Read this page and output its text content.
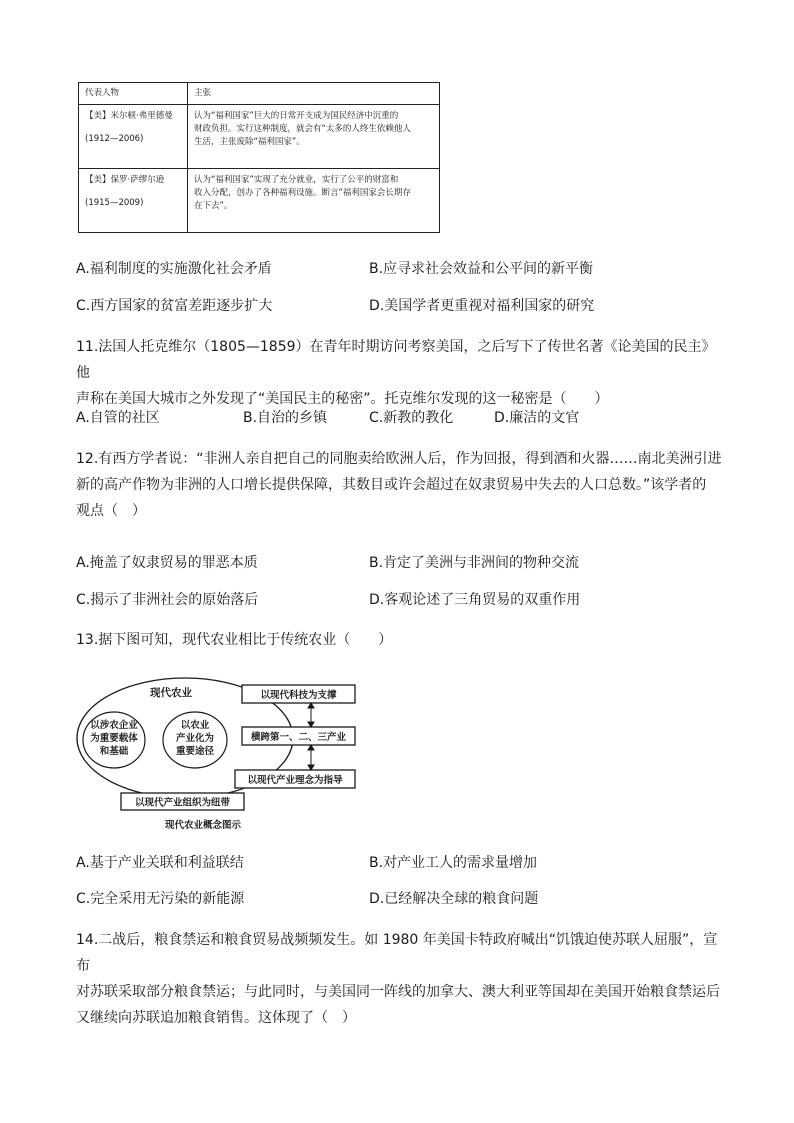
代表人物	主张

【美】米尔顿·弗里德曼
(1912—2006)	认为“福利国家”巨大的日常开支成为国民经济中沉重的
财政负担。实行这种制度，就会有“太多的人终生依赖他人
生活，主张废除“福利国家”。

【美】保罗·萨缪尔逊
(1915—2009)	认为“福利国家”实现了充分就业，实行了公平的财富和
收入分配，创办了各种福利设施。断言“福利国家会长期存
在下去”。
A.福利制度的实施激化社会矛盾	B.应寻求社会效益和公平间的新平衡
C.西方国家的贫富差距逐步扩大	D.美国学者更重视对福利国家的研究
11.法国人托克维尔（1805—1859）在青年时期访问考察美国，之后写下了传世名著《论美国的民主》他
声称在美国大城市之外发现了“美国民主的秘密”。托克维尔发现的这一秘密是（　　）
A.自管的社区	B.自治的乡镇	C.新教的教化	D.廉洁的文官
12.有西方学者说：“非洲人亲自把自己的同胞卖给欧洲人后，作为回报，得到酒和火器……南北美洲引进
新的高产作物为非洲的人口增长提供保障，其数目或许会超过在奴隶贸易中失去的人口总数。”该学者的
观点（　）
A.掩盖了奴隶贸易的罪恶本质	B.肯定了美洲与非洲间的物种交流
C.揭示了非洲社会的原始落后	D.客观论述了三角贸易的双重作用
13.据下图可知，现代农业相比于传统农业（　　）
现代农业
以涉农企业
为重要载体
和基础
以农业
产业化为
重要途径
以现代科技为支撑
横跨第一、二、三产业
以现代产业理念为指导
以现代产业组织为纽带
现代农业概念图示
A.基于产业关联和利益联结	B.对产业工人的需求量增加
C.完全采用无污染的新能源	D.已经解决全球的粮食问题
14.二战后，粮食禁运和粮食贸易战频频发生。如 1980 年美国卡特政府喊出“饥饿迫使苏联人屈服”，宣布
对苏联采取部分粮食禁运；与此同时，与美国同一阵线的加拿大、澳大利亚等国却在美国开始粮食禁运后
又继续向苏联追加粮食销售。这体现了（　）
